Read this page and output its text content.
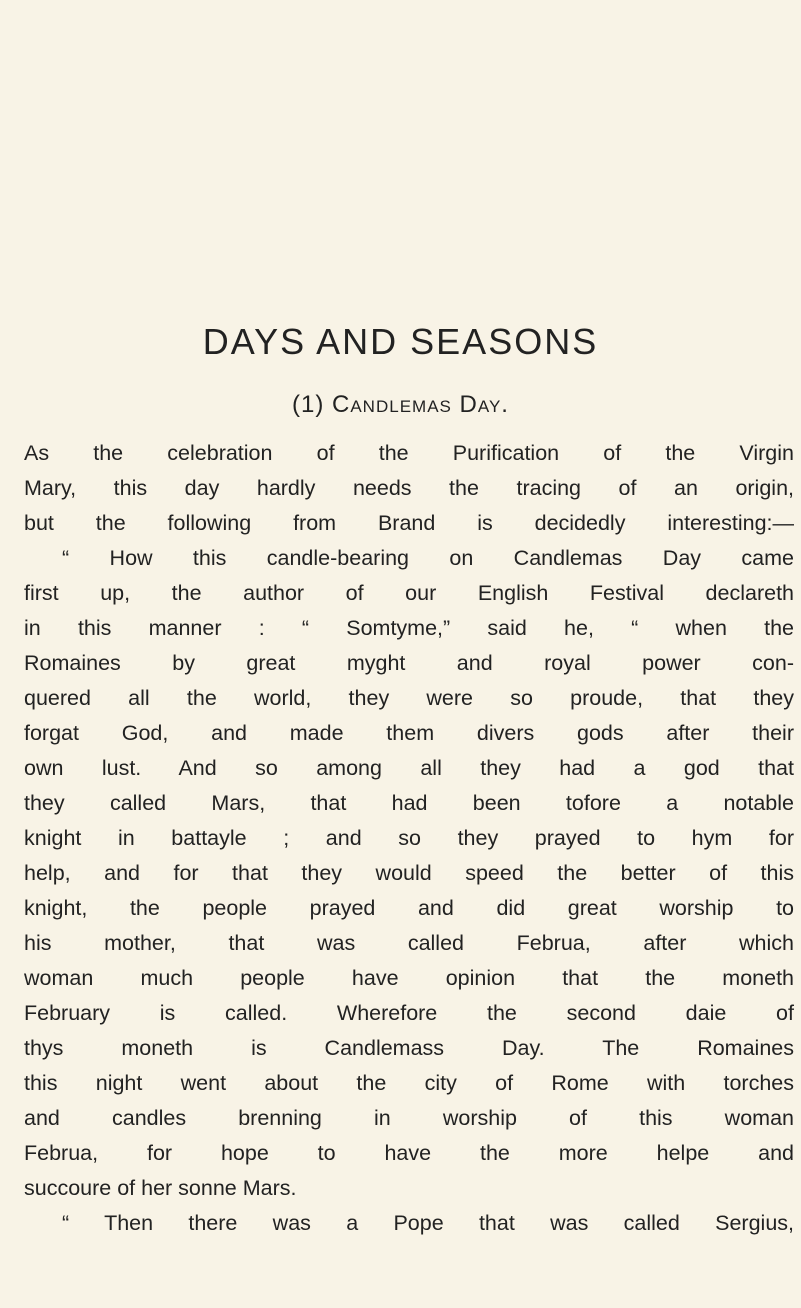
DAYS AND SEASONS
(1) Candlemas Day.
As the celebration of the Purification of the Virgin
Mary, this day hardly needs the tracing of an origin,
but the following from Brand is decidedly interesting:—
“ How this candle-bearing on Candlemas Day came
first up, the author of our English Festival declareth
in this manner : “ Somtyme,” said he, “ when the
Romaines by great myght and royal power con-
quered all the world, they were so proude, that they
forgat God, and made them divers gods after their
own lust. And so among all they had a god that
they called Mars, that had been tofore a notable
knight in battayle ; and so they prayed to hym for
help, and for that they would speed the better of this
knight, the people prayed and did great worship to
his mother, that was called Februa, after which
woman much people have opinion that the moneth
February is called. Wherefore the second daie of
thys moneth is Candlemass Day. The Romaines
this night went about the city of Rome with torches
and candles brenning in worship of this woman
Februa, for hope to have the more helpe and
succoure of her sonne Mars.
“ Then there was a Pope that was called Sergius,
